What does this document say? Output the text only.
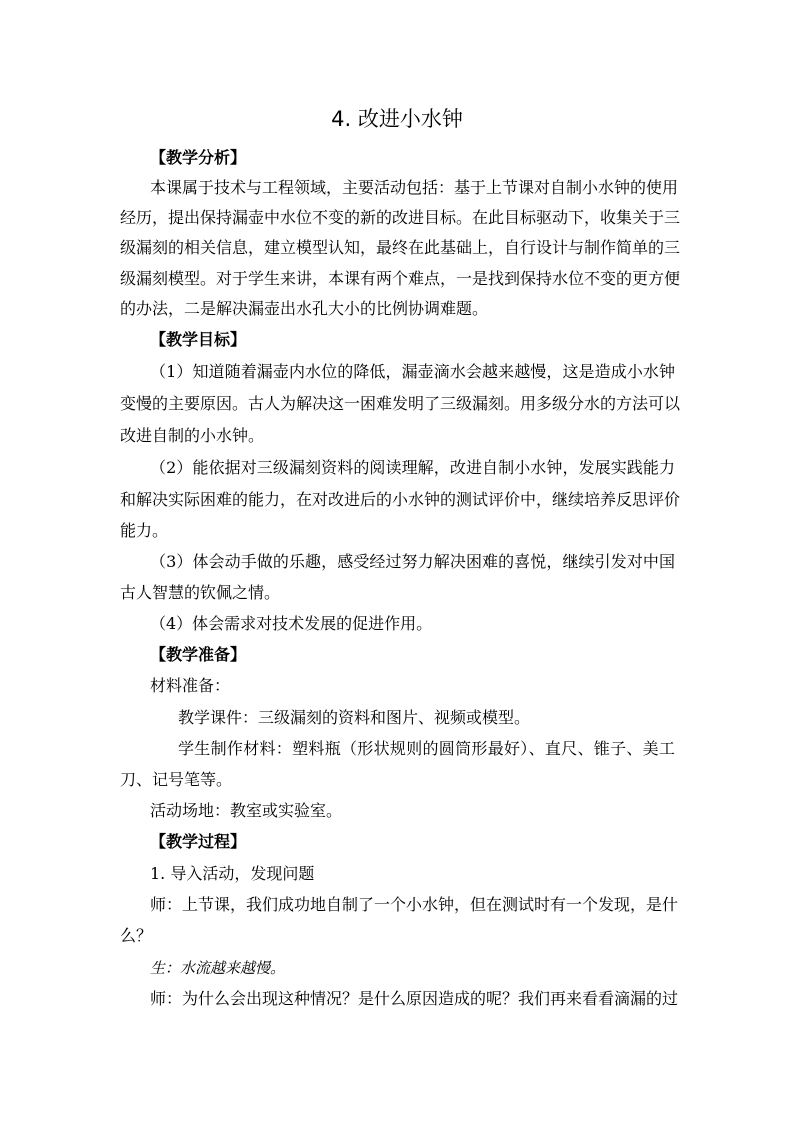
4. 改进小水钟
【教学分析】
本课属于技术与工程领域，主要活动包括：基于上节课对自制小水钟的使用
经历，提出保持漏壶中水位不变的新的改进目标。在此目标驱动下，收集关于三
级漏刻的相关信息，建立模型认知，最终在此基础上，自行设计与制作简单的三
级漏刻模型。对于学生来讲，本课有两个难点，一是找到保持水位不变的更方便
的办法，二是解决漏壶出水孔大小的比例协调难题。
【教学目标】
（1）知道随着漏壶内水位的降低，漏壶滴水会越来越慢，这是造成小水钟
变慢的主要原因。古人为解决这一困难发明了三级漏刻。用多级分水的方法可以
改进自制的小水钟。
（2）能依据对三级漏刻资料的阅读理解，改进自制小水钟，发展实践能力
和解决实际困难的能力，在对改进后的小水钟的测试评价中，继续培养反思评价
能力。
（3）体会动手做的乐趣，感受经过努力解决困难的喜悦，继续引发对中国
古人智慧的钦佩之情。
（4）体会需求对技术发展的促进作用。
【教学准备】
材料准备：
教学课件：三级漏刻的资料和图片、视频或模型。
学生制作材料：塑料瓶（形状规则的圆筒形最好）、直尺、锥子、美工
刀、记号笔等。
活动场地：教室或实验室。
【教学过程】
1. 导入活动，发现问题
师：上节课，我们成功地自制了一个小水钟，但在测试时有一个发现，是什
么？
生：水流越来越慢。
师：为什么会出现这种情况？是什么原因造成的呢？我们再来看看滴漏的过
